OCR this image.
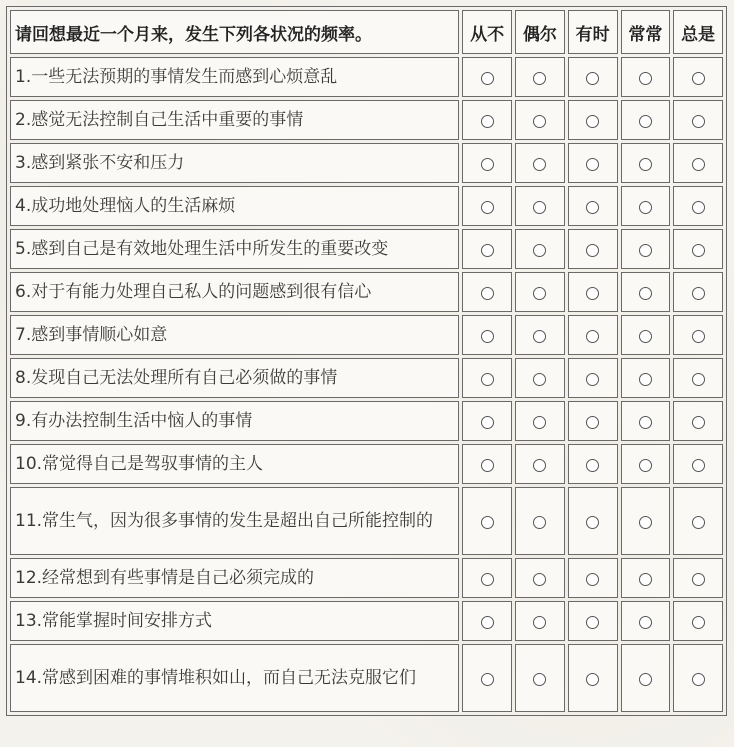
请回想最近一个月来，发生下列各状况的频率。	从不	偶尔	有时	常常	总是
1.一些无法预期的事情发生而感到心烦意乱					
2.感觉无法控制自己生活中重要的事情					
3.感到紧张不安和压力					
4.成功地处理恼人的生活麻烦					
5.感到自己是有效地处理生活中所发生的重要改变					
6.对于有能力处理自己私人的问题感到很有信心					
7.感到事情顺心如意					
8.发现自己无法处理所有自己必须做的事情					
9.有办法控制生活中恼人的事情					
10.常觉得自己是驾驭事情的主人					
11.常生气，因为很多事情的发生是超出自己所能控制的					
12.经常想到有些事情是自己必须完成的					
13.常能掌握时间安排方式					
14.常感到困难的事情堆积如山，而自己无法克服它们					
